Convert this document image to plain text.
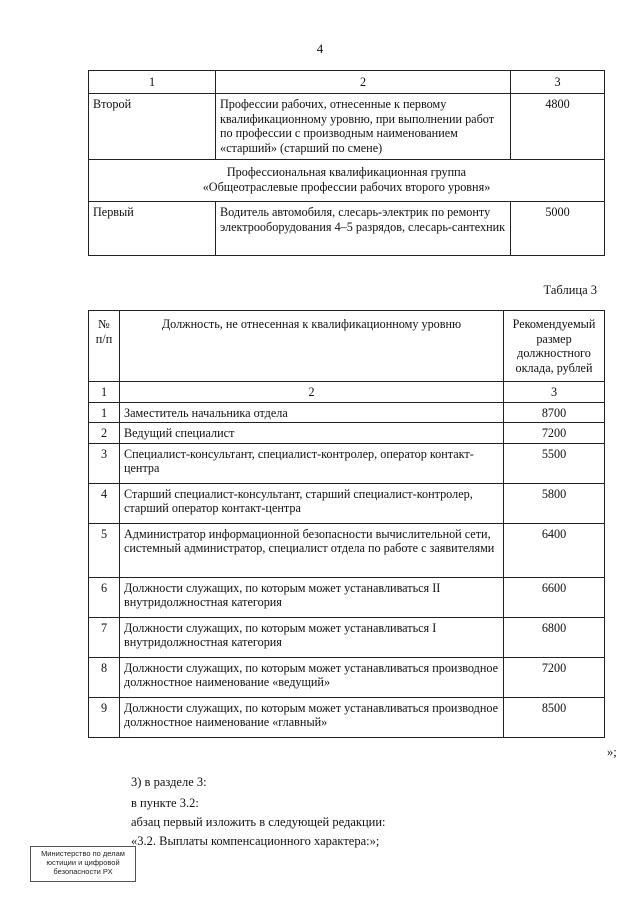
4
1	2	3
Второй	Профессии рабочих, отнесенные к первому квалификационному уровню, при выполнении работ по профессии с производным наименованием «старший» (старший по смене)	4800

Профессиональная квалификационная группа «Общеотраслевые профессии рабочих второго уровня»		

Первый	Водитель автомобиля, слесарь-электрик по ремонту электрооборудования 4–5 разрядов, слесарь-сантехник	5000
Таблица 3
№ п/п	Должность, не отнесенная к квалификационному уровню	Рекомендуемый размер должностного оклада, рублей
1	2	3
1	Заместитель начальника отдела	8700
2	Ведущий специалист	7200
3	Специалист-консультант, специалист-контролер, оператор контакт-центра	5500
4	Старший специалист-консультант, старший специалист-контролер, старший оператор контакт-центра	5800
5	Администратор информационной безопасности вычислительной сети, системный администратор, специалист отдела по работе с заявителями	6400
6	Должности служащих, по которым может устанавливаться II внутридолжностная категория	6600
7	Должности служащих, по которым может устанавливаться I внутридолжностная категория	6800
8	Должности служащих, по которым может устанавливаться производное должностное наименование «ведущий»	7200
9	Должности служащих, по которым может устанавливаться производное должностное наименование «главный»	8500
»;
3) в разделе 3:
в пункте 3.2:
абзац первый изложить в следующей редакции:
«3.2. Выплаты компенсационного характера:»;
Министерство по делам
юстиции и цифровой
безопасности РХ
